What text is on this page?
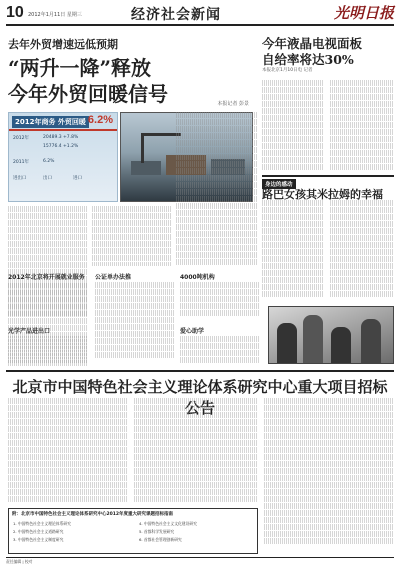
10 2012年1月11日 星期三	经济社会新闻	光明日报
去年外贸增速远低预期
“两升一降”释放
今年外贸回暖信号	本报记者 彭景
2012年商务 外贸回暖 6.2%
2012年	20489.3 +7.8%
15776.4 +1.2%
2011年	6.2%
进出口	出口	进口
今年液晶电视面板
自给率将达30%
本报北京1月10日电 记者
身边的感动
路巴女孩其米拉姆的幸福
2012年北京将开展就业服务
光学产品进出口
公证单办法推	4000吨机构
爱心助学
北京市中国特色社会主义理论体系研究中心重大项目招标公告
附：北京市中国特色社会主义理论体系研究中心2012年度重大研究课题招标指南
1. 中国特色社会主义理论体系研究
2. 中国特色社会主义道路研究
3. 中国特色社会主义制度研究
4. 中国特色社会主义文化建设研究
5. 首都科学发展研究
6. 首都社会管理创新研究
责任编辑 | 校对
